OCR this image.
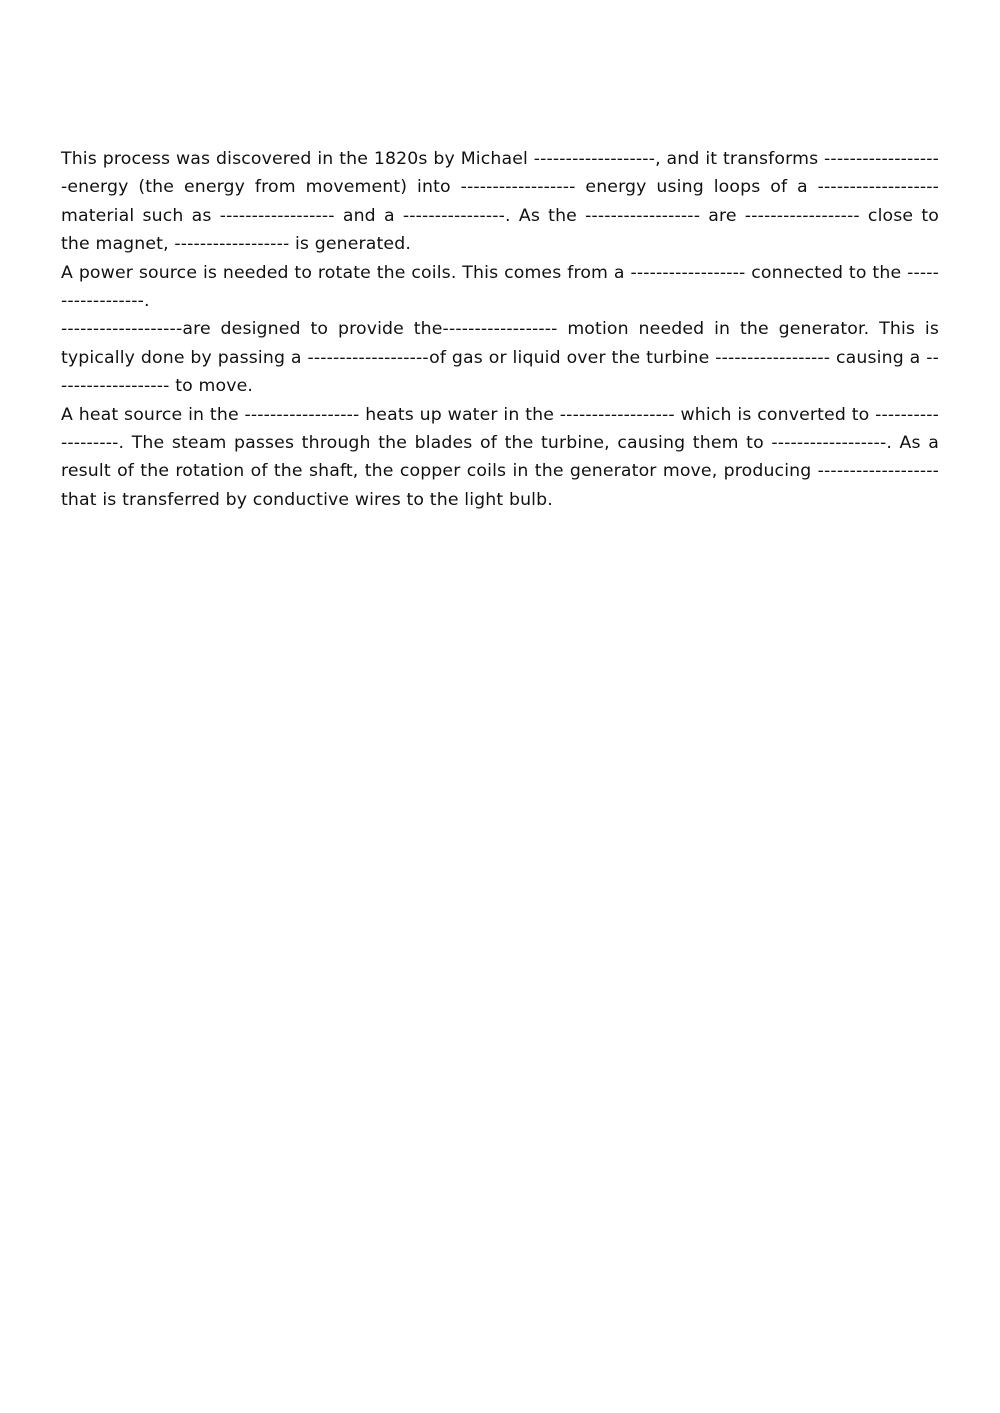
This process was discovered in the 1820s by Michael -------------------, and it transforms -------------------energy (the energy from movement) into ------------------ energy using loops of a -------------------material such as ------------------ and a ----------------. As the ------------------ are ------------------ close to the magnet, ------------------ is generated.

A power source is needed to rotate the coils. This comes from a ------------------ connected to the ------------------.

-------------------are designed to provide the------------------ motion needed in the generator. This is typically done by passing a -------------------of gas or liquid over the turbine ------------------ causing a ------------------- to move.

A heat source in the ------------------ heats up water in the ------------------ which is converted to -------------------. The steam passes through the blades of the turbine, causing them to ------------------. As a result of the rotation of the shaft, the copper coils in the generator move, producing -------------------that is transferred by conductive wires to the light bulb.
